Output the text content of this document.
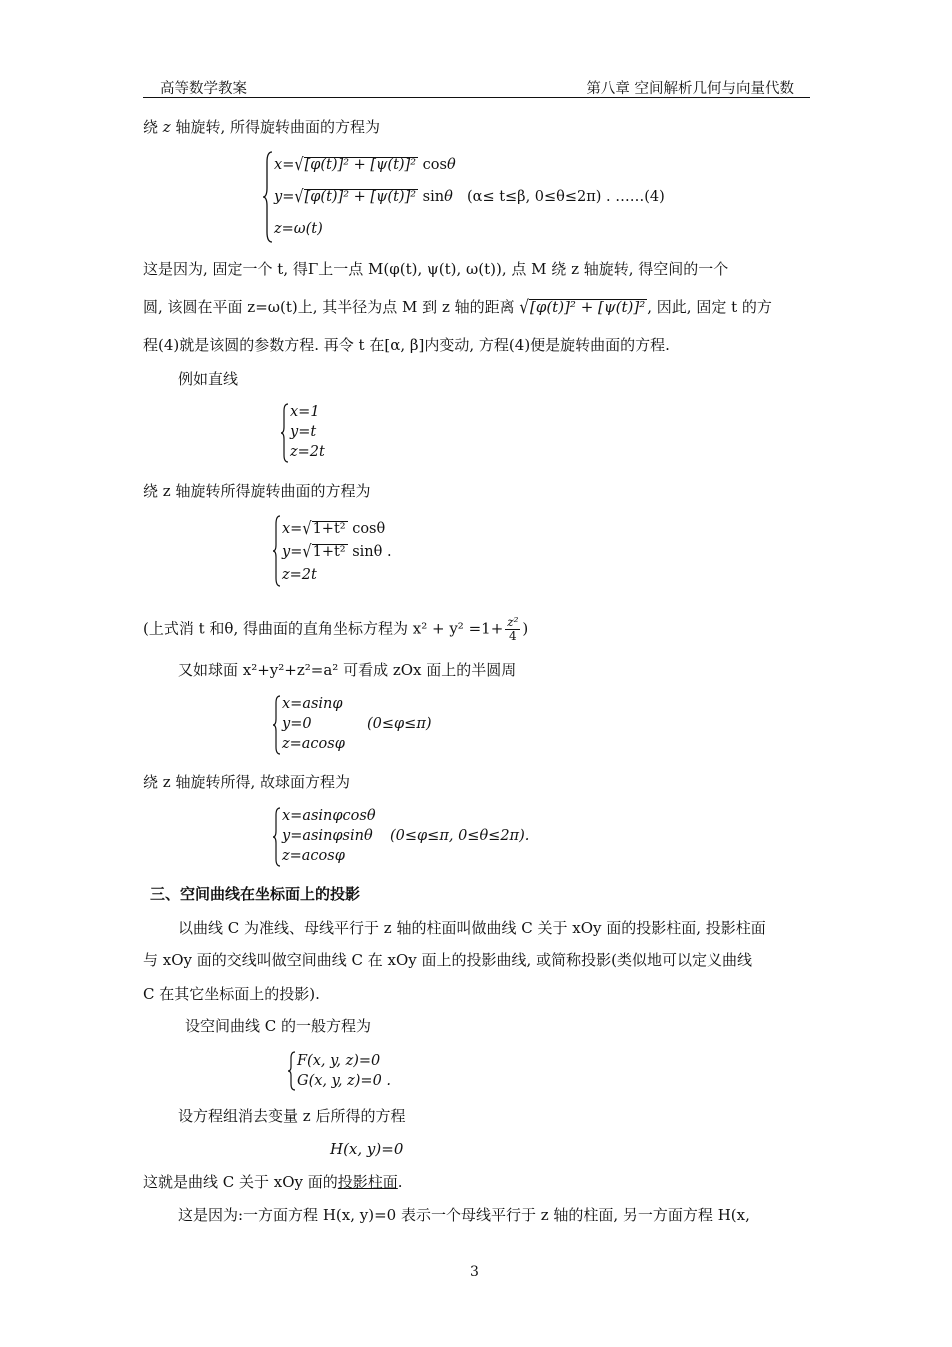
高等数学教案	第八章 空间解析几何与向量代数
绕 z 轴旋转, 所得旋转曲面的方程为
x=√[φ(t)]² + [ψ(t)]² cosθ
y=√[φ(t)]² + [ψ(t)]² sinθ
z=ω(t)
(α≤ t≤β, 0≤θ≤2π) . ……(4)
这是因为, 固定一个 t, 得Γ上一点 M(φ(t), ψ(t), ω(t)), 点 M 绕 z 轴旋转, 得空间的一个
圆, 该圆在平面 z=ω(t)上, 其半径为点 M 到 z 轴的距离 √[φ(t)]² + [ψ(t)]² , 因此, 固定 t 的方
程(4)就是该圆的参数方程. 再令 t 在[α, β]内变动, 方程(4)便是旋转曲面的方程.
例如直线
x=1
y=t
z=2t
绕 z 轴旋转所得旋转曲面的方程为
x=√1+t² cosθ
y=√1+t² sinθ .
z=2t
(上式消 t 和θ, 得曲面的直角坐标方程为 $x^2 + y^2 =1+ \frac{\text{z²}}{4}$ )
又如球面 x²+y²+z²=a² 可看成 zOx 面上的半圆周
x=asinφ
y=0	(0≤φ≤π)
z=acosφ
绕 z 轴旋转所得, 故球面方程为
x=asinφcosθ
y=asinφsinθ (0≤φ≤π, 0≤θ≤2π).
z=acosφ
三、空间曲线在坐标面上的投影
以曲线 C 为准线、母线平行于 z 轴的柱面叫做曲线 C 关于 xOy 面的投影柱面, 投影柱面
与 xOy 面的交线叫做空间曲线 C 在 xOy 面上的投影曲线, 或简称投影(类似地可以定义曲线
C 在其它坐标面上的投影).
设空间曲线 C 的一般方程为
F(x, y, z)=0
G(x, y, z)=0 .
设方程组消去变量 z 后所得的方程
H(x, y)=0
这就是曲线 C 关于 xOy 面的投影柱面.
这是因为:一方面方程 H(x, y)=0 表示一个母线平行于 z 轴的柱面, 另一方面方程 H(x,
3
